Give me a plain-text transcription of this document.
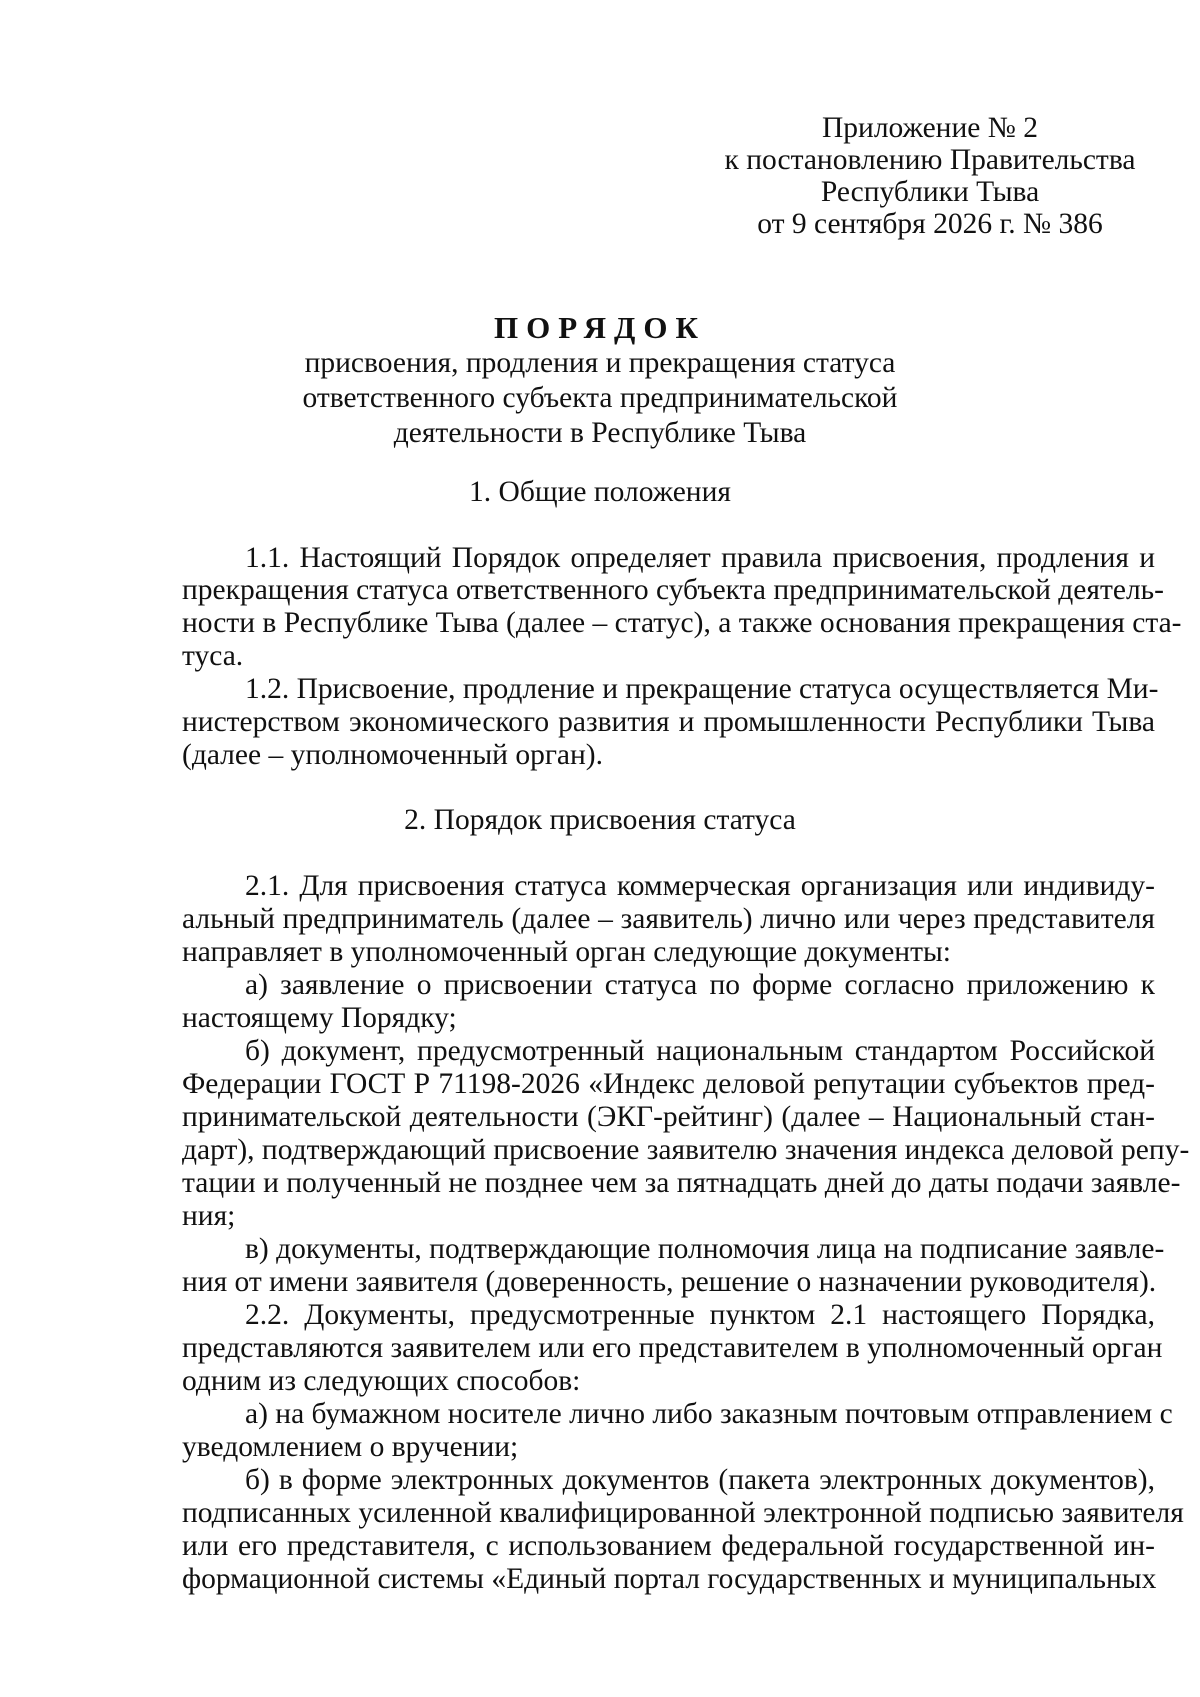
Приложение № 2
к постановлению Правительства
Республики Тыва
от 9 сентября 2026 г. № 386
ПОРЯДОК
присвоения, продления и прекращения статуса
ответственного субъекта предпринимательской
деятельности в Республике Тыва
1. Общие положения
1.1. Настоящий Порядок определяет правила присвоения, продления и
прекращения статуса ответственного субъекта предпринимательской деятель-
ности в Республике Тыва (далее – статус), а также основания прекращения ста-
туса.
1.2. Присвоение, продление и прекращение статуса осуществляется Ми-
нистерством экономического развития и промышленности Республики Тыва
(далее – уполномоченный орган).
2. Порядок присвоения статуса
2.1. Для присвоения статуса коммерческая организация или индивиду-
альный предприниматель (далее – заявитель) лично или через представителя
направляет в уполномоченный орган следующие документы:
а) заявление о присвоении статуса по форме согласно приложению к
настоящему Порядку;
б) документ, предусмотренный национальным стандартом Российской
Федерации ГОСТ Р 71198-2026 «Индекс деловой репутации субъектов пред-
принимательской деятельности (ЭКГ-рейтинг) (далее – Национальный стан-
дарт), подтверждающий присвоение заявителю значения индекса деловой репу-
тации и полученный не позднее чем за пятнадцать дней до даты подачи заявле-
ния;
в) документы, подтверждающие полномочия лица на подписание заявле-
ния от имени заявителя (доверенность, решение о назначении руководителя).
2.2. Документы, предусмотренные пунктом 2.1 настоящего Порядка,
представляются заявителем или его представителем в уполномоченный орган
одним из следующих способов:
а) на бумажном носителе лично либо заказным почтовым отправлением с
уведомлением о вручении;
б) в форме электронных документов (пакета электронных документов),
подписанных усиленной квалифицированной электронной подписью заявителя
или его представителя, с использованием федеральной государственной ин-
формационной системы «Единый портал государственных и муниципальных
